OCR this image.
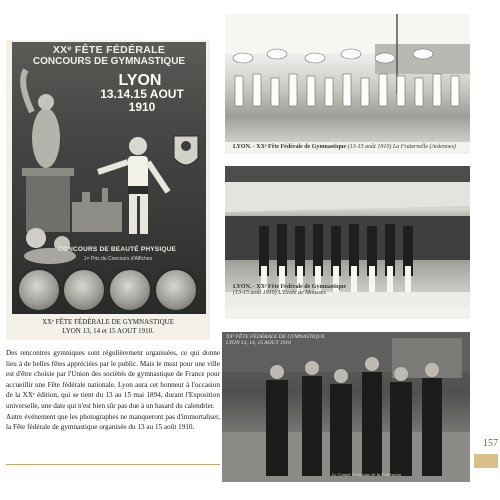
XXᵉ FÊTE FÉDÉRALE
CONCOURS DE GYMNASTIQUE
LYON
13.14.15 AOUT
1910
CONCOURS DE BEAUTÉ PHYSIQUE
1ᵉʳ Prix du Concours d'Affiches
XXᵉ FÊTE FÉDÉRALE DE GYMNASTIQUE
LYON 13, 14 et 15 AOUT 1910.
LYON. - XXᵉ Fête Fédérale de Gymnastique (13-15 août 1910) La Fraternelle (Ardennes)
LYON. - XXᵉ Fête Fédérale de Gymnastique
(13-15 août 1910) L'Ecole de Mousses
XXᵉ FÊTE FÉDÉRALE DE GYMNASTIQUE
LYON 13, 14, 15 AOUT 1910
Le Comité Technique de la Fédération

Des rencontres gymniques sont régulièrement organisées, ce qui donne lieu à de belles fêtes appréciées par le public. Mais le must pour une ville est d'être choisie par l'Union des sociétés de gymnastique de France pour accueillir une Fête fédérale nationale. Lyon aura cet honneur à l'occasion de la XXᵉ édition, qui se tient du 13 au 15 mai 1894, durant l'Exposition universelle, une date qui n'est bien sûr pas due à un hasard du calendrier.

Autre événement que les photographes ne manqueront pas d'immortaliser, la Fête fédérale de gymnastique organisée du 13 au 15 août 1910.

157
